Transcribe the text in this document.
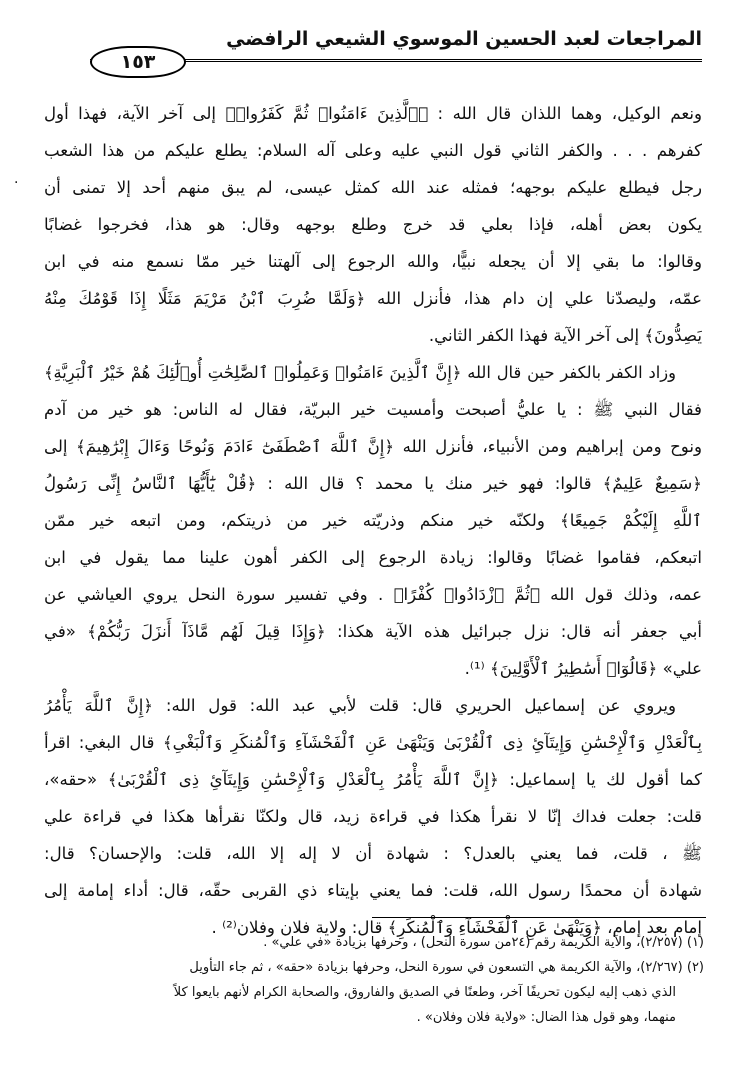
المراجعات لعبد الحسين الموسوي الشيعي الرافضي
١٥٣
·
ونعم الوكيل، وهما اللذان قال الله : ﴿ٱلَّذِينَ ءَامَنُوا۟ ثُمَّ كَفَرُوا۟﴾ إلى آخر الآية، فهذا أول
كفرهم . . . والكفر الثاني قول النبي عليه وعلى آله السلام: يطلع عليكم من هذا الشعب
رجل فيطلع عليكم بوجهه؛ فمثله عند الله كمثل عيسى، لم يبق منهم أحد إلا تمنى أن
يكون بعض أهله، فإذا بعلي قد خرج وطلع بوجهه وقال: هو هذا، فخرجوا غضابًا
وقالوا: ما بقي إلا أن يجعله نبيًّا، والله الرجوع إلى آلهتنا خير ممّا نسمع منه في ابن
عمّه، وليصدّنا علي إن دام هذا، فأنزل الله ﴿وَلَمَّا ضُرِبَ ٱبْنُ مَرْيَمَ مَثَلًا إِذَا قَوْمُكَ مِنْهُ
يَصِدُّونَ﴾ إلى آخر الآية فهذا الكفر الثاني.
وزاد الكفر بالكفر حين قال الله ﴿إِنَّ ٱلَّذِينَ ءَامَنُوا۟ وَعَمِلُوا۟ ٱلصَّٰلِحَٰتِ أُو۟لَٰٓئِكَ هُمْ خَيْرُ ٱلْبَرِيَّةِ﴾
فقال النبي ﷺ : يا عليُّ أصبحت وأمسيت خير البريّة، فقال له الناس: هو خير من آدم
ونوح ومن إبراهيم ومن الأنبياء، فأنزل الله ﴿إِنَّ ٱللَّهَ ٱصْطَفَىٰٓ ءَادَمَ وَنُوحًا وَءَالَ إِبْرَٰهِيمَ﴾ إلى
﴿سَمِيعٌ عَلِيمٌ﴾ قالوا: فهو خير منك يا محمد ؟ قال الله : ﴿قُلْ يَٰٓأَيُّهَا ٱلنَّاسُ إِنِّى رَسُولُ
ٱللَّهِ إِلَيْكُمْ جَمِيعًا﴾ ولكنّه خير منكم وذريّته خير من ذريتكم، ومن اتبعه خير ممّن
اتبعكم، فقاموا غضابًا وقالوا: زيادة الرجوع إلى الكفر أهون علينا مما يقول في ابن
عمه، وذلك قول الله ﴿ثُمَّ ٱزْدَادُوا۟ كُفْرًا﴾ . وفي تفسير سورة النحل يروي العياشي عن
أبي جعفر أنه قال: نزل جبرائيل هذه الآية هكذا: ﴿وَإِذَا قِيلَ لَهُم مَّاذَآ أَنزَلَ رَبُّكُمْ﴾ «في
علي» ﴿قَالُوٓا۟ أَسَٰطِيرُ ٱلْأَوَّلِينَ﴾ ⁽¹⁾.
ويروي عن إسماعيل الحريري قال: قلت لأبي عبد الله: قول الله: ﴿إِنَّ ٱللَّهَ يَأْمُرُ
بِٱلْعَدْلِ وَٱلْإِحْسَٰنِ وَإِيتَآئِ ذِى ٱلْقُرْبَىٰ وَيَنْهَىٰ عَنِ ٱلْفَحْشَآءِ وَٱلْمُنكَرِ وَٱلْبَغْىِ﴾ قال البغي: اقرأ
كما أقول لك يا إسماعيل: ﴿إِنَّ ٱللَّهَ يَأْمُرُ بِٱلْعَدْلِ وَٱلْإِحْسَٰنِ وَإِيتَآئِ ذِى ٱلْقُرْبَىٰ﴾ «حقه»،
قلت: جعلت فداك إنّا لا نقرأ هكذا في قراءة زيد، قال ولكنّا نقرأها هكذا في قراءة علي
ﷺ ، قلت، فما يعني بالعدل؟ : شهادة أن لا إله إلا الله، قلت: والإحسان؟ قال:
شهادة أن محمدًا رسول الله، قلت: فما يعني بإيتاء ذي القربى حقّه، قال: أداء إمامة إلى
إمام بعد إمام، ﴿وَيَنْهَىٰ عَنِ ٱلْفَحْشَآءِ وَٱلْمُنكَرِ﴾ قال: ولاية فلان وفلان⁽²⁾ .
(١) (٢/٢٥٧)، والآية الكريمة رقم (٢٤من سورة النحل) ، وحرفها بزيادة «في علي» .
(٢) (٢/٢٦٧)، والآية الكريمة هي التسعون في سورة النحل، وحرفها بزيادة «حقه» ، ثم جاء التأويل
الذي ذهب إليه ليكون تحريفًا آخر، وطعنًا في الصديق والفاروق، والصحابة الكرام لأنهم بايعوا كلاً
منهما، وهو قول هذا الضال: «ولاية فلان وفلان» .
